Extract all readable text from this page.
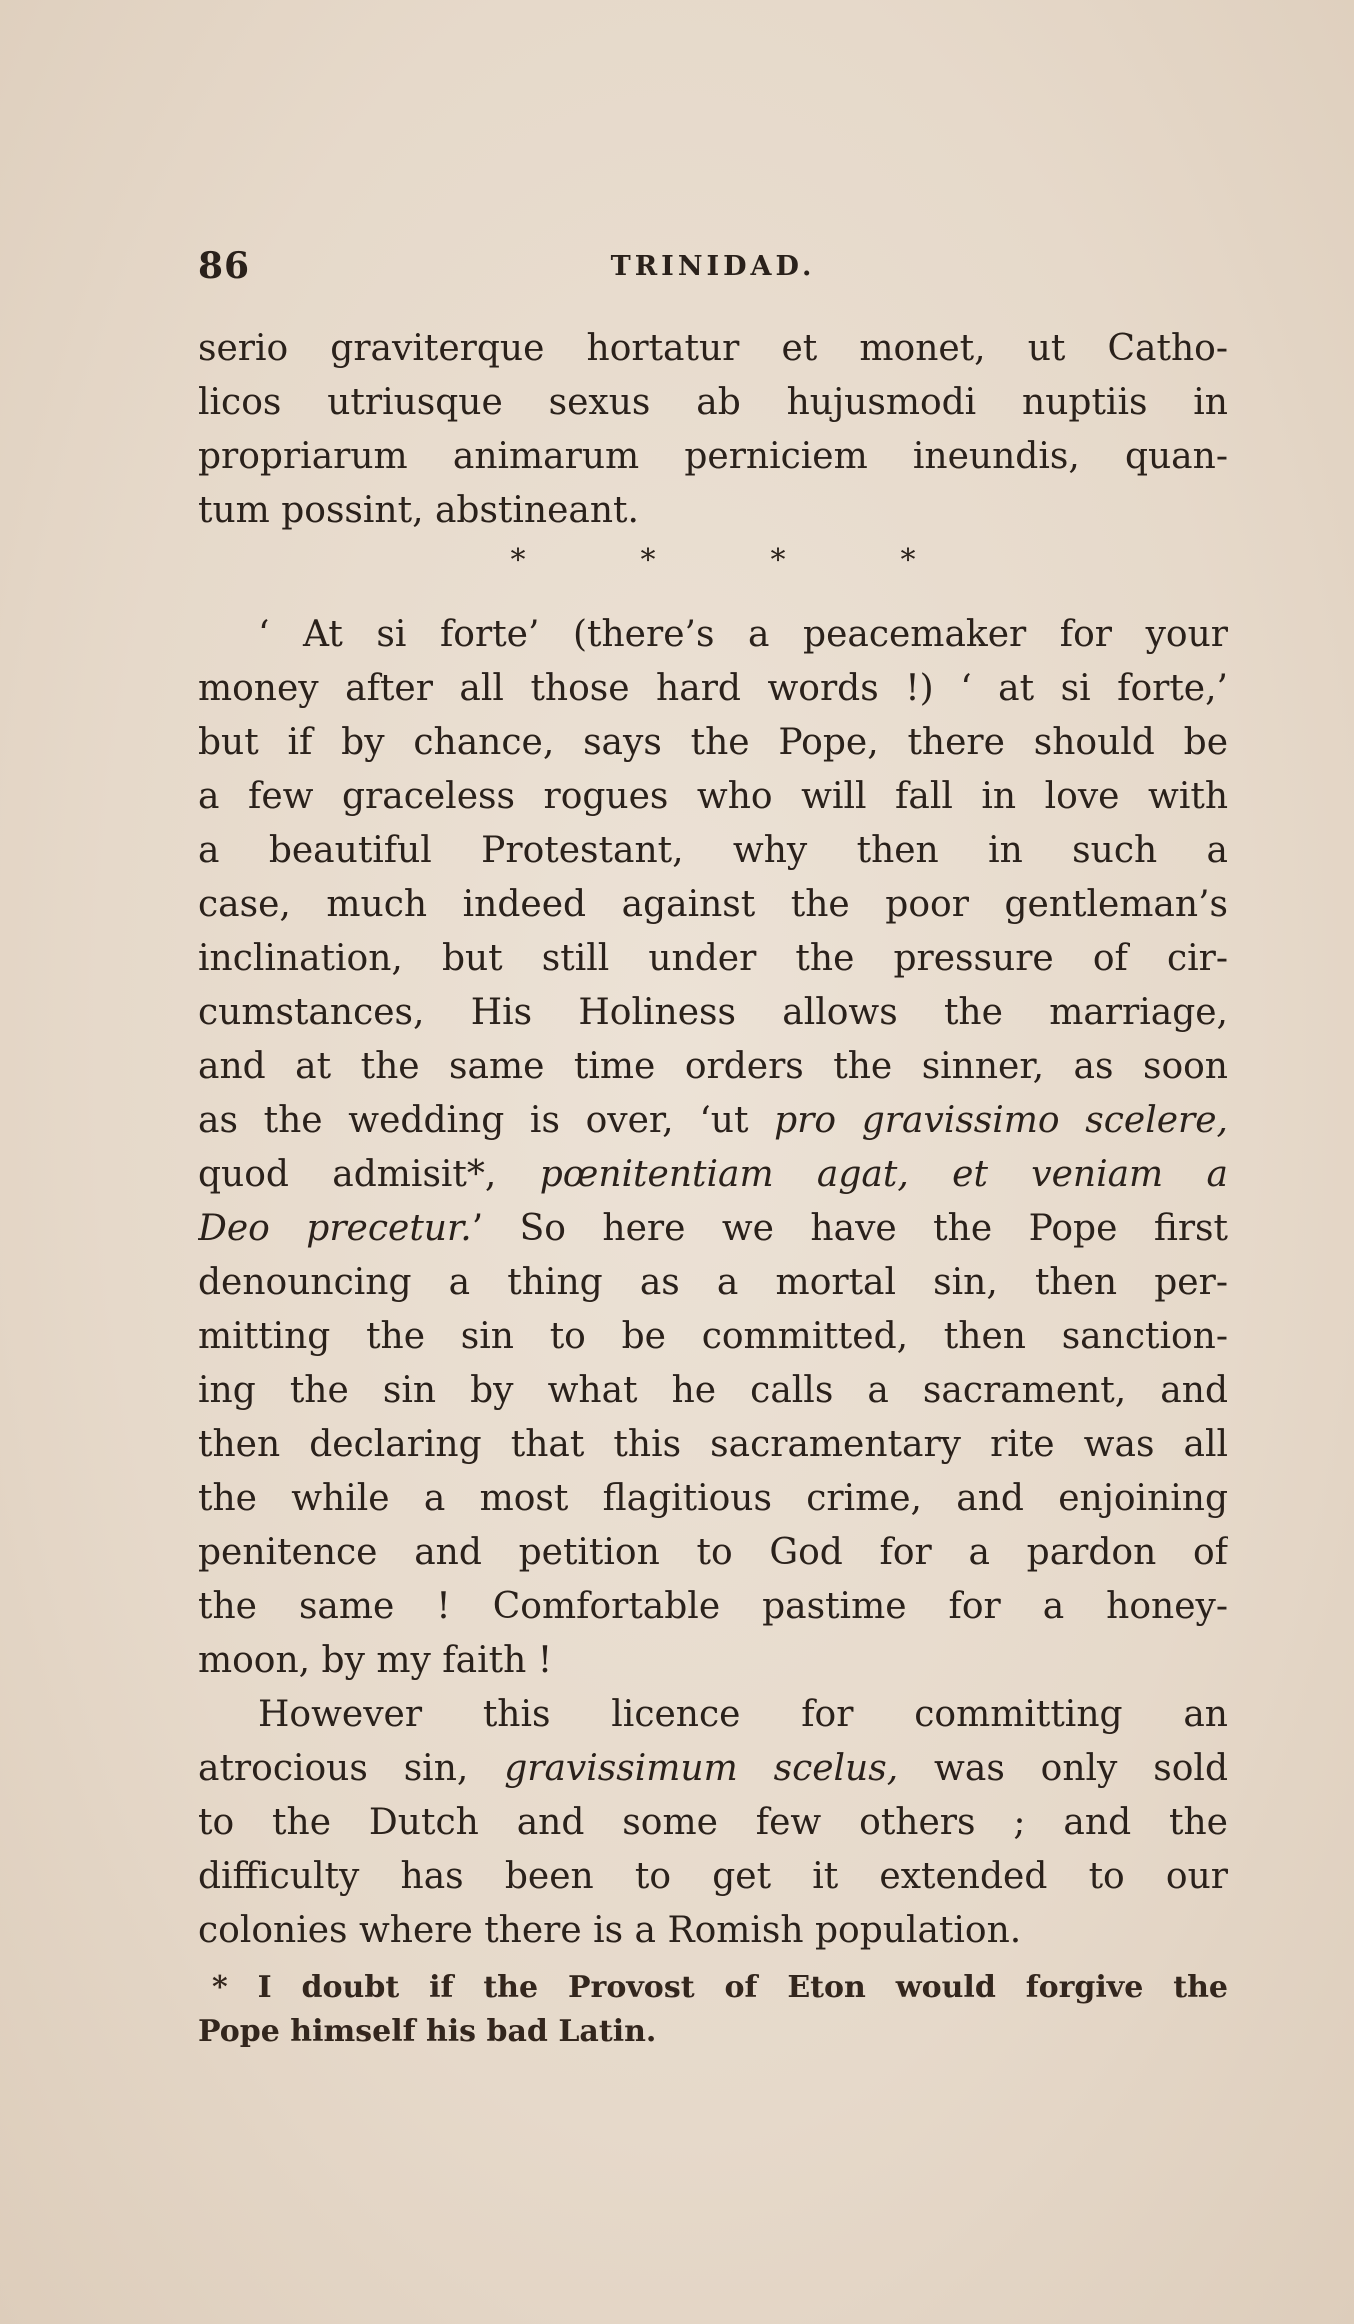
86	TRINIDAD.
serio graviterque hortatur et monet, ut Catho-
licos utriusque sexus ab hujusmodi nuptiis in
propriarum animarum perniciem ineundis, quan-
tum possint, abstineant.
*	*	*	*
‘ At si forte’ (there’s a peacemaker for your
money after all those hard words !) ‘ at si forte,’
but if by chance, says the Pope, there should be
a few graceless rogues who will fall in love with
a beautiful Protestant, why then in such a
case, much indeed against the poor gentleman’s
inclination, but still under the pressure of cir-
cumstances, His Holiness allows the marriage,
and at the same time orders the sinner, as soon
as the wedding is over, ‘ut pro gravissimo scelere,
quod admisit*, pœnitentiam agat, et veniam a
Deo precetur.’ So here we have the Pope first
denouncing a thing as a mortal sin, then per-
mitting the sin to be committed, then sanction-
ing the sin by what he calls a sacrament, and
then declaring that this sacramentary rite was all
the while a most flagitious crime, and enjoining
penitence and petition to God for a pardon of
the same ! Comfortable pastime for a honey-
moon, by my faith !
However this licence for committing an
atrocious sin, gravissimum scelus, was only sold
to the Dutch and some few others ; and the
difficulty has been to get it extended to our
colonies where there is a Romish population.
* I doubt if the Provost of Eton would forgive the
Pope himself his bad Latin.
